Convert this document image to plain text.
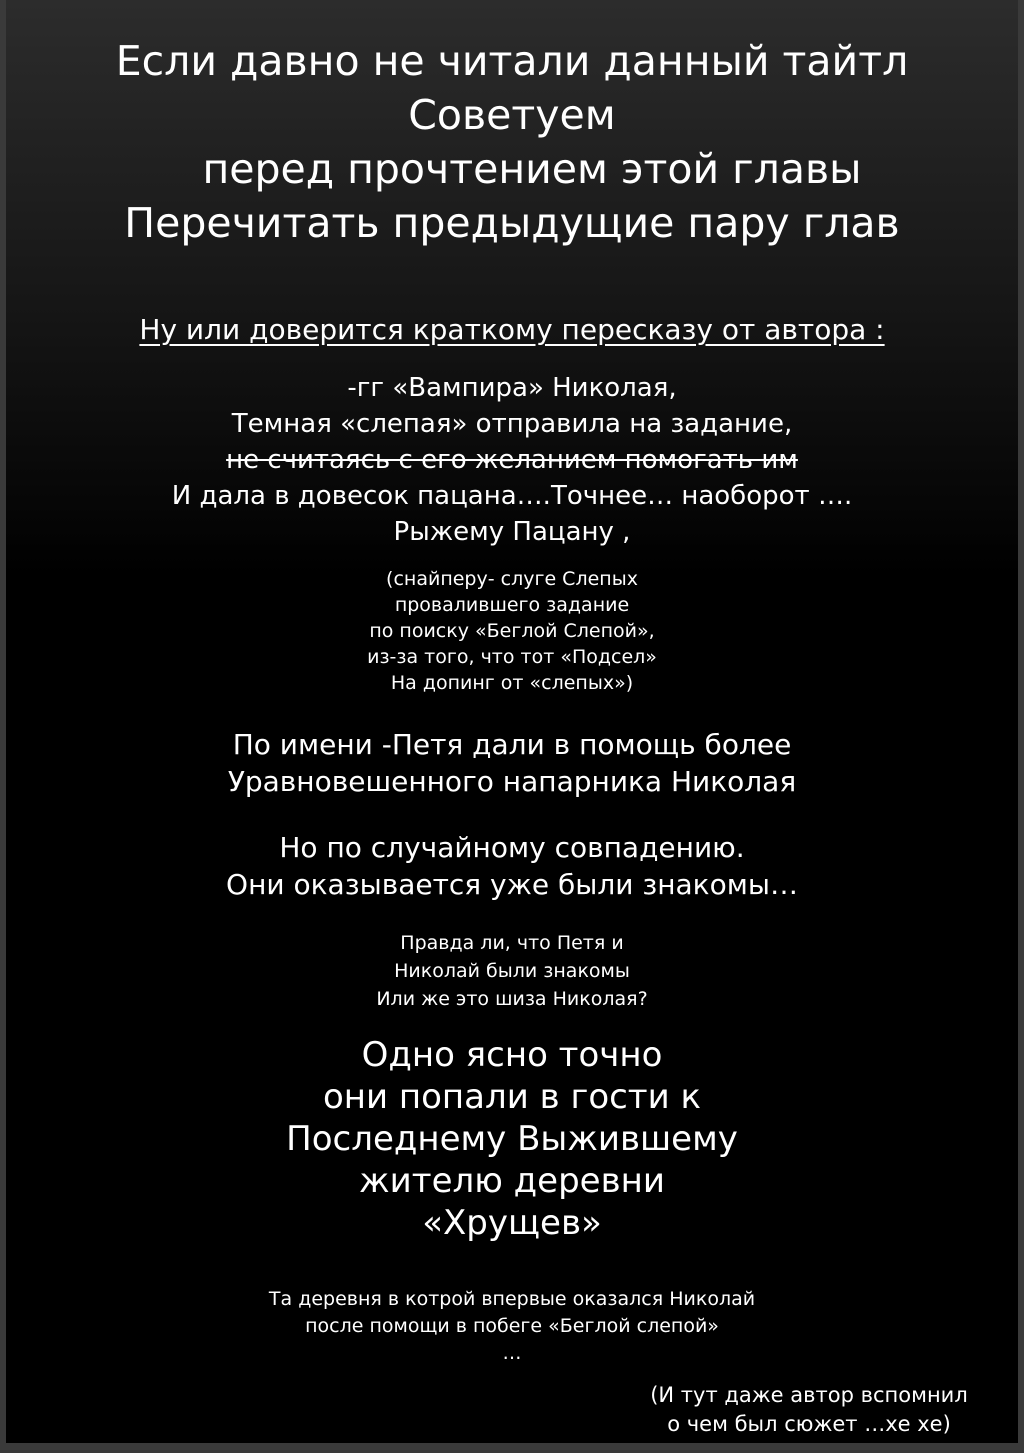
Если давно не читали данный тайтл
Советуем
перед прочтением этой главы
Перечитать предыдущие пару глав
Ну или доверится краткому пересказу от автора :
-гг «Вампира» Николая,
Темная «слепая» отправила на задание,
не считаясь с его желанием помогать им
И дала в довесок пацана….Точнее… наоборот ….
Рыжему Пацану ,
(снайперу- слуге Слепых
провалившего задание
по поиску «Беглой Слепой»,
из-за того, что тот «Подсел»
На допинг от «слепых»)
По имени -Петя дали в помощь более
Уравновешенного напарника Николая
Но по случайному совпадению.
Они оказывается уже были знакомы…
Правда ли, что Петя и
Николай были знакомы
Или же это шиза Николая?
Одно ясно точно
они попали в гости к
Последнему Выжившему
жителю деревни
«Хрущев»
Та деревня в котрой впервые оказался Николай
после помощи в побеге «Беглой слепой»
…
(И тут даже автор вспомнил
о чем был сюжет …хе хе)
